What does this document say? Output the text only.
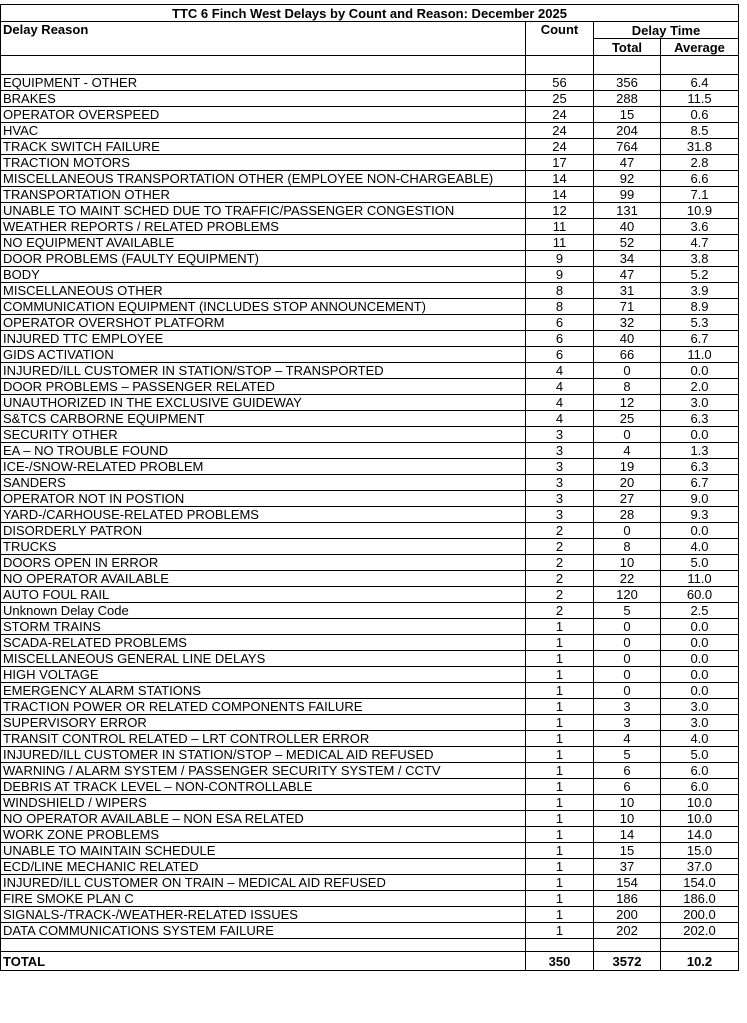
TTC 6 Finch West Delays by Count and Reason: December 2025			
Delay Reason	Count	Delay Time	
		Total	Average

EQUIPMENT - OTHER	56	356	6.4
BRAKES	25	288	11.5
OPERATOR OVERSPEED	24	15	0.6
HVAC	24	204	8.5
TRACK SWITCH FAILURE	24	764	31.8
TRACTION MOTORS	17	47	2.8
MISCELLANEOUS TRANSPORTATION OTHER (EMPLOYEE NON-CHARGEABLE)	14	92	6.6
TRANSPORTATION OTHER	14	99	7.1
UNABLE TO MAINT SCHED DUE TO TRAFFIC/PASSENGER CONGESTION	12	131	10.9
WEATHER REPORTS / RELATED PROBLEMS	11	40	3.6
NO EQUIPMENT AVAILABLE	11	52	4.7
DOOR PROBLEMS (FAULTY EQUIPMENT)	9	34	3.8
BODY	9	47	5.2
MISCELLANEOUS OTHER	8	31	3.9
COMMUNICATION EQUIPMENT (INCLUDES STOP ANNOUNCEMENT)	8	71	8.9
OPERATOR OVERSHOT PLATFORM	6	32	5.3
INJURED TTC EMPLOYEE	6	40	6.7
GIDS ACTIVATION	6	66	11.0
INJURED/ILL CUSTOMER IN STATION/STOP – TRANSPORTED	4	0	0.0
DOOR PROBLEMS – PASSENGER RELATED	4	8	2.0
UNAUTHORIZED IN THE EXCLUSIVE GUIDEWAY	4	12	3.0
S&TCS CARBORNE EQUIPMENT	4	25	6.3
SECURITY OTHER	3	0	0.0
EA – NO TROUBLE FOUND	3	4	1.3
ICE-/SNOW-RELATED PROBLEM	3	19	6.3
SANDERS	3	20	6.7
OPERATOR NOT IN POSTION	3	27	9.0
YARD-/CARHOUSE-RELATED PROBLEMS	3	28	9.3
DISORDERLY PATRON	2	0	0.0
TRUCKS	2	8	4.0
DOORS OPEN IN ERROR	2	10	5.0
NO OPERATOR AVAILABLE	2	22	11.0
AUTO FOUL RAIL	2	120	60.0
Unknown Delay Code	2	5	2.5
STORM TRAINS	1	0	0.0
SCADA-RELATED PROBLEMS	1	0	0.0
MISCELLANEOUS GENERAL LINE DELAYS	1	0	0.0
HIGH VOLTAGE	1	0	0.0
EMERGENCY ALARM STATIONS	1	0	0.0
TRACTION POWER OR RELATED COMPONENTS FAILURE	1	3	3.0
SUPERVISORY ERROR	1	3	3.0
TRANSIT CONTROL RELATED – LRT CONTROLLER ERROR	1	4	4.0
INJURED/ILL CUSTOMER IN STATION/STOP – MEDICAL AID REFUSED	1	5	5.0
WARNING / ALARM SYSTEM / PASSENGER SECURITY SYSTEM / CCTV	1	6	6.0
DEBRIS AT TRACK LEVEL – NON-CONTROLLABLE	1	6	6.0
WINDSHIELD / WIPERS	1	10	10.0
NO OPERATOR AVAILABLE – NON ESA RELATED	1	10	10.0
WORK ZONE PROBLEMS	1	14	14.0
UNABLE TO MAINTAIN SCHEDULE	1	15	15.0
ECD/LINE MECHANIC RELATED	1	37	37.0
INJURED/ILL CUSTOMER ON TRAIN – MEDICAL AID REFUSED	1	154	154.0
FIRE SMOKE PLAN C	1	186	186.0
SIGNALS-/TRACK-/WEATHER-RELATED ISSUES	1	200	200.0
DATA COMMUNICATIONS SYSTEM FAILURE	1	202	202.0

TOTAL	350	3572	10.2
